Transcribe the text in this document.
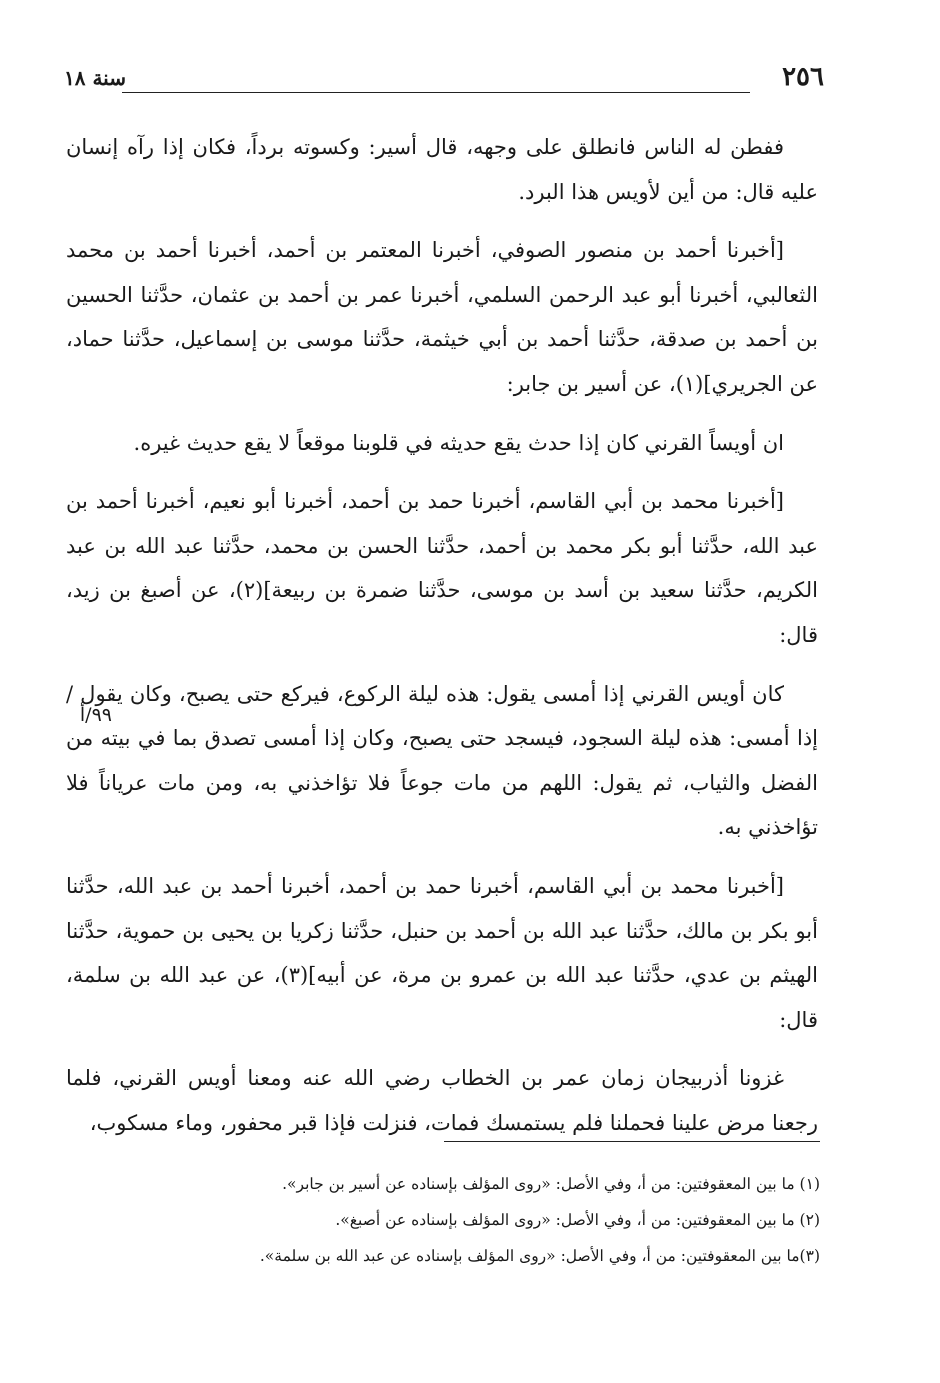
٢٥٦
سنة ١٨
٩٩/أ

ففطن له الناس فانطلق على وجهه، قال أسير: وكسوته برداً، فكان إذا رآه إنسان عليه قال: من أين لأويس هذا البرد.

[أخبرنا أحمد بن منصور الصوفي، أخبرنا المعتمر بن أحمد، أخبرنا أحمد بن محمد الثعالبي، أخبرنا أبو عبد الرحمن السلمي، أخبرنا عمر بن أحمد بن عثمان، حدَّثنا الحسين بن أحمد بن صدقة، حدَّثنا أحمد بن أبي خيثمة، حدَّثنا موسى بن إسماعيل، حدَّثنا حماد، عن الجريري](١)، عن أسير بن جابر:

ان أويساً القرني كان إذا حدث يقع حديثه في قلوبنا موقعاً لا يقع حديث غيره.

[أخبرنا محمد بن أبي القاسم، أخبرنا حمد بن أحمد، أخبرنا أبو نعيم، أخبرنا أحمد بن عبد الله، حدَّثنا أبو بكر محمد بن أحمد، حدَّثنا الحسن بن محمد، حدَّثنا عبد الله بن عبد الكريم، حدَّثنا سعيد بن أسد بن موسى، حدَّثنا ضمرة بن ربيعة](٢)، عن أصبغ بن زيد، قال:

كان أويس القرني إذا أمسى يقول: هذه ليلة الركوع، فيركع حتى يصبح، وكان يقول / إذا أمسى: هذه ليلة السجود، فيسجد حتى يصبح، وكان إذا أمسى تصدق بما في بيته من الفضل والثياب، ثم يقول: اللهم من مات جوعاً فلا تؤاخذني به، ومن مات عرياناً فلا تؤاخذني به.

[أخبرنا محمد بن أبي القاسم، أخبرنا حمد بن أحمد، أخبرنا أحمد بن عبد الله، حدَّثنا أبو بكر بن مالك، حدَّثنا عبد الله بن أحمد بن حنبل، حدَّثنا زكريا بن يحيى بن حموية، حدَّثنا الهيثم بن عدي، حدَّثنا عبد الله بن عمرو بن مرة، عن أبيه](٣)، عن عبد الله بن سلمة، قال:

غزونا أذربيجان زمان عمر بن الخطاب رضي الله عنه ومعنا أويس القرني، فلما رجعنا مرض علينا فحملنا فلم يستمسك فمات، فنزلت فإذا قبر محفور، وماء مسكوب،

(١) ما بين المعقوفتين: من أ، وفي الأصل: «روى المؤلف بإسناده عن أسير بن جابر».

(٢) ما بين المعقوفتين: من أ، وفي الأصل: «روى المؤلف بإسناده عن أصبغ».

(٣)ما بين المعقوفتين: من أ، وفي الأصل: «روى المؤلف بإسناده عن عبد الله بن سلمة».
